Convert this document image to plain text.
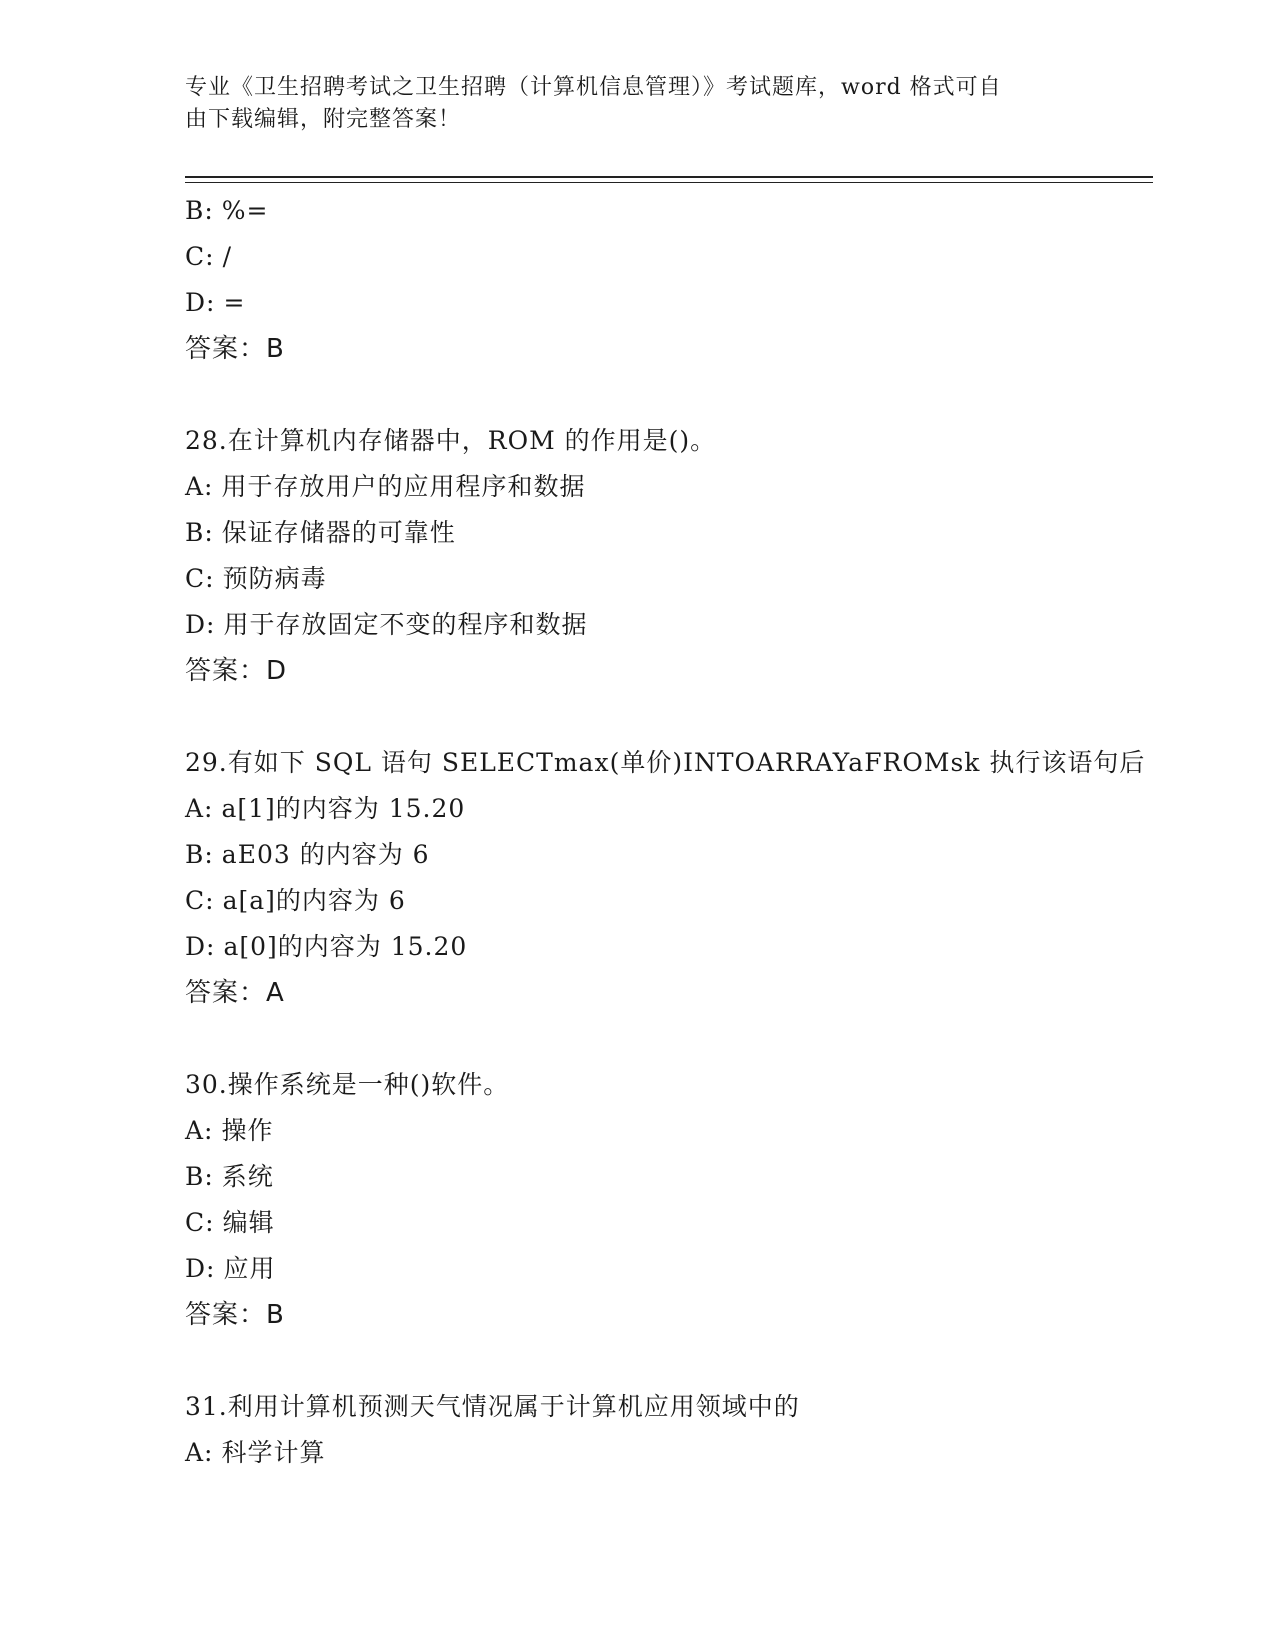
专业《卫生招聘考试之卫生招聘（计算机信息管理）》考试题库，word 格式可自
由下载编辑，附完整答案！
B: %=
C: /
D: =
答案：B
28.在计算机内存储器中，ROM 的作用是()。
A: 用于存放用户的应用程序和数据
B: 保证存储器的可靠性
C: 预防病毒
D: 用于存放固定不变的程序和数据
答案：D
29.有如下 SQL 语句 SELECTmax(单价)INTOARRAYaFROMsk 执行该语句后
A: a[1]的内容为 15.20
B: aE03 的内容为 6
C: a[a]的内容为 6
D: a[0]的内容为 15.20
答案：A
30.操作系统是一种()软件。
A: 操作
B: 系统
C: 编辑
D: 应用
答案：B
31.利用计算机预测天气情况属于计算机应用领域中的
A: 科学计算
